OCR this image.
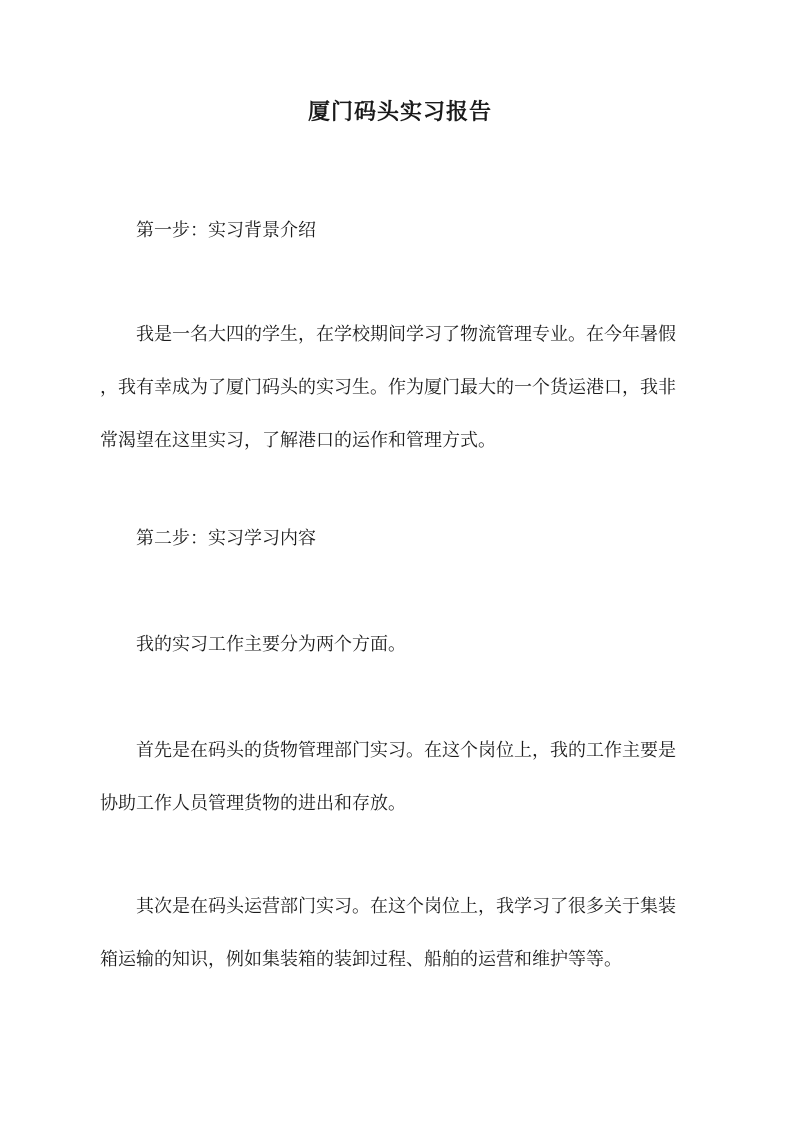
厦门码头实习报告
第一步：实习背景介绍
我是一名大四的学生，在学校期间学习了物流管理专业。在今年暑假
，我有幸成为了厦门码头的实习生。作为厦门最大的一个货运港口，我非
常渴望在这里实习，了解港口的运作和管理方式。
第二步：实习学习内容
我的实习工作主要分为两个方面。
首先是在码头的货物管理部门实习。在这个岗位上，我的工作主要是
协助工作人员管理货物的进出和存放。
其次是在码头运营部门实习。在这个岗位上，我学习了很多关于集装
箱运输的知识，例如集装箱的装卸过程、船舶的运营和维护等等。
